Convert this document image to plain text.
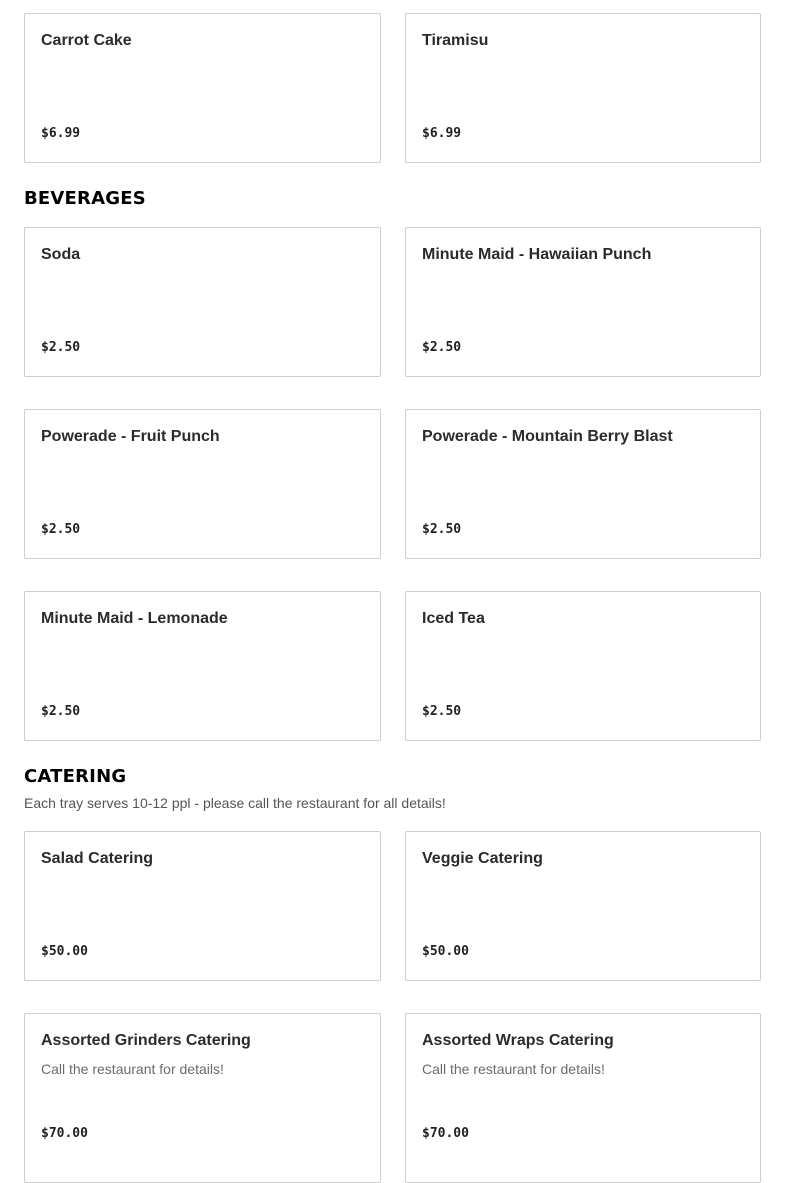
Carrot Cake
$6.99
Tiramisu
$6.99
BEVERAGES
Soda
$2.50
Minute Maid - Hawaiian Punch
$2.50
Powerade - Fruit Punch
$2.50
Powerade - Mountain Berry Blast
$2.50
Minute Maid - Lemonade
$2.50
Iced Tea
$2.50
CATERING

Each tray serves 10-12 ppl - please call the restaurant for all details!

Salad Catering
$50.00
Veggie Catering
$50.00
Assorted Grinders Catering
Call the restaurant for details!
$70.00
Assorted Wraps Catering
Call the restaurant for details!
$70.00
